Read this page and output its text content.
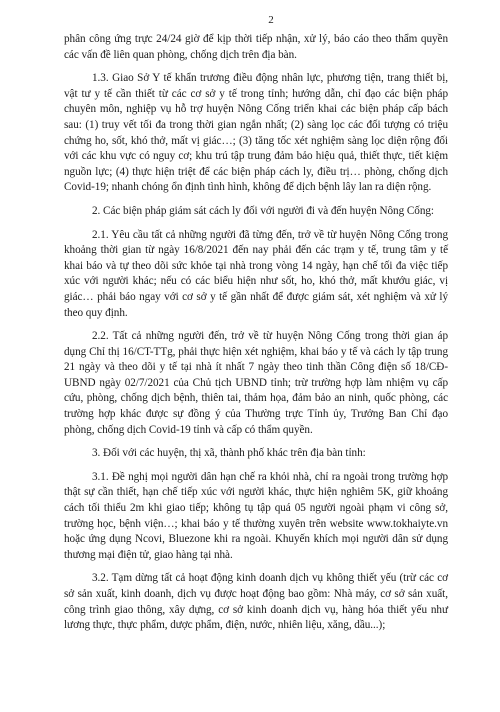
2

phân công ứng trực 24/24 giờ để kịp thời tiếp nhận, xử lý, báo cáo theo thẩm quyền các vấn đề liên quan phòng, chống dịch trên địa bàn.

1.3. Giao Sở Y tế khẩn trương điều động nhân lực, phương tiện, trang thiết bị, vật tư y tế cần thiết từ các cơ sở y tế trong tỉnh; hướng dẫn, chỉ đạo các biện pháp chuyên môn, nghiệp vụ hỗ trợ huyện Nông Cống triển khai các biện pháp cấp bách sau: (1) truy vết tối đa trong thời gian ngắn nhất; (2) sàng lọc các đối tượng có triệu chứng ho, sốt, khó thở, mất vị giác…; (3) tăng tốc xét nghiệm sàng lọc diện rộng đối với các khu vực có nguy cơ; khu trú tập trung đảm bảo hiệu quả, thiết thực, tiết kiệm nguồn lực; (4) thực hiện triệt để các biện pháp cách ly, điều trị… phòng, chống dịch Covid-19; nhanh chóng ổn định tình hình, không để dịch bệnh lây lan ra diện rộng.

2. Các biện pháp giám sát cách ly đối với người đi và đến huyện Nông Cống:

2.1. Yêu cầu tất cả những người đã từng đến, trở về từ huyện Nông Cống trong khoảng thời gian từ ngày 16/8/2021 đến nay phải đến các trạm y tế, trung tâm y tế khai báo và tự theo dõi sức khỏe tại nhà trong vòng 14 ngày, hạn chế tối đa việc tiếp xúc với người khác; nếu có các biểu hiện như sốt, ho, khó thở, mất khướu giác, vị giác… phải báo ngay với cơ sở y tế gần nhất để được giám sát, xét nghiệm và xử lý theo quy định.

2.2. Tất cả những người đến, trở về từ huyện Nông Cống trong thời gian áp dụng Chỉ thị 16/CT-TTg, phải thực hiện xét nghiệm, khai báo y tế và cách ly tập trung 21 ngày và theo dõi y tế tại nhà ít nhất 7 ngày theo tinh thần Công điện số 18/CĐ-UBND ngày 02/7/2021 của Chủ tịch UBND tỉnh; trừ trường hợp làm nhiệm vụ cấp cứu, phòng, chống dịch bệnh, thiên tai, thảm họa, đảm bảo an ninh, quốc phòng, các trường hợp khác được sự đồng ý của Thường trực Tỉnh ủy, Trưởng Ban Chỉ đạo phòng, chống dịch Covid-19 tỉnh và cấp có thẩm quyền.

3. Đối với các huyện, thị xã, thành phố khác trên địa bàn tỉnh:

3.1. Đề nghị mọi người dân hạn chế ra khỏi nhà, chỉ ra ngoài trong trường hợp thật sự cần thiết, hạn chế tiếp xúc với người khác, thực hiện nghiêm 5K, giữ khoảng cách tối thiểu 2m khi giao tiếp; không tụ tập quá 05 người ngoài phạm vi công sở, trường học, bệnh viện…; khai báo y tế thường xuyên trên website www.tokhaiyte.vn hoặc ứng dụng Ncovi, Bluezone khi ra ngoài. Khuyến khích mọi người dân sử dụng thương mại điện tử, giao hàng tại nhà.

3.2. Tạm dừng tất cả hoạt động kinh doanh dịch vụ không thiết yếu (trừ các cơ sở sản xuất, kinh doanh, dịch vụ được hoạt động bao gồm: Nhà máy, cơ sở sản xuất, công trình giao thông, xây dựng, cơ sở kinh doanh dịch vụ, hàng hóa thiết yếu như lương thực, thực phẩm, dược phẩm, điện, nước, nhiên liệu, xăng, dầu...);
